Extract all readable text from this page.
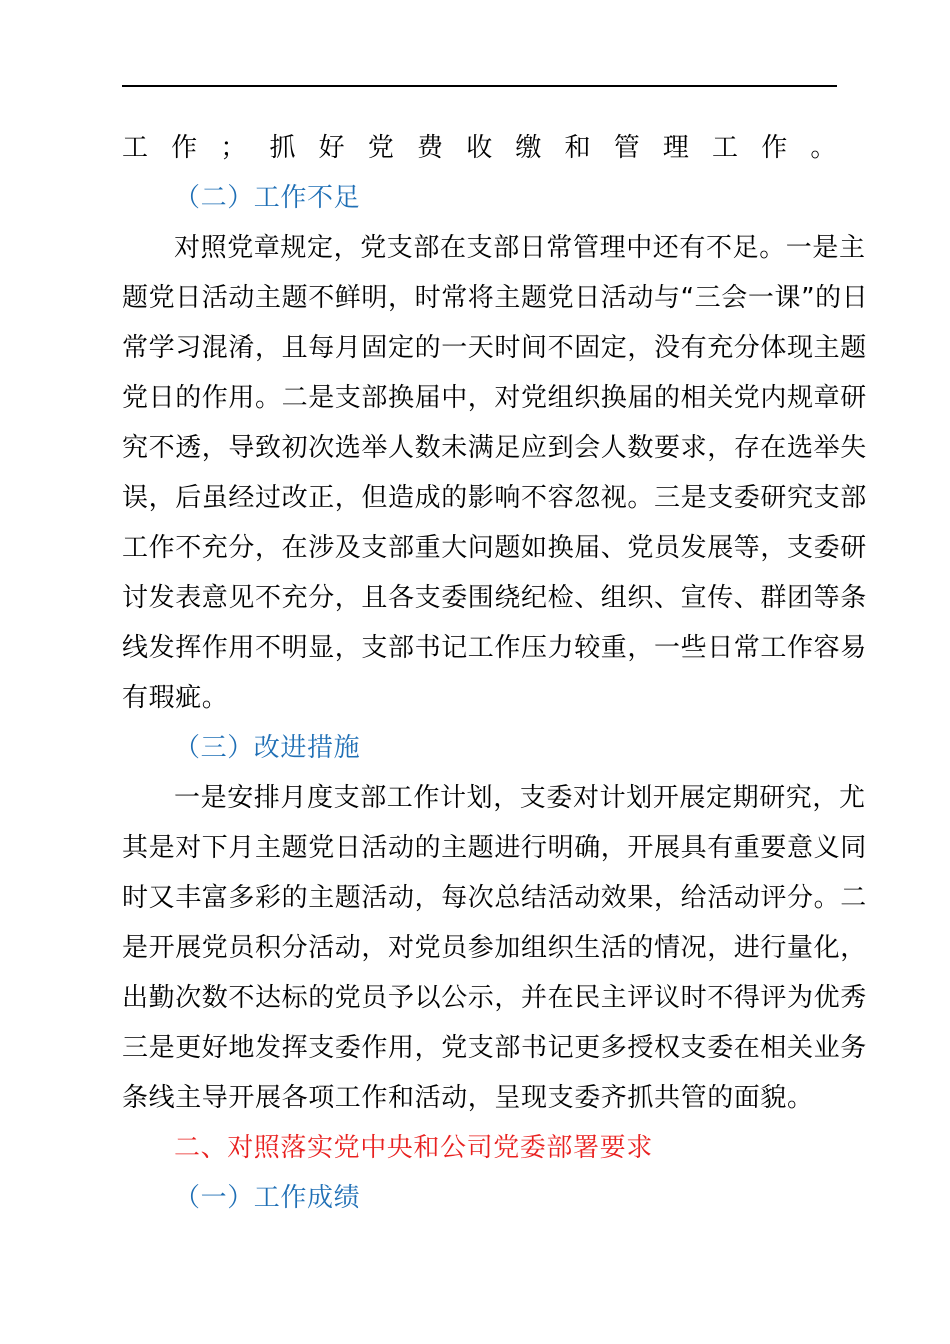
工作；抓好党费收缴和管理工作。
（二）工作不足
对照党章规定，党支部在支部日常管理中还有不足。一是主
题党日活动主题不鲜明，时常将主题党日活动与“三会一课”的日
常学习混淆，且每月固定的一天时间不固定，没有充分体现主题
党日的作用。二是支部换届中，对党组织换届的相关党内规章研
究不透，导致初次选举人数未满足应到会人数要求，存在选举失
误，后虽经过改正，但造成的影响不容忽视。三是支委研究支部
工作不充分，在涉及支部重大问题如换届、党员发展等，支委研
讨发表意见不充分，且各支委围绕纪检、组织、宣传、群团等条
线发挥作用不明显，支部书记工作压力较重，一些日常工作容易
有瑕疵。
（三）改进措施
一是安排月度支部工作计划，支委对计划开展定期研究，尤
其是对下月主题党日活动的主题进行明确，开展具有重要意义同
时又丰富多彩的主题活动，每次总结活动效果，给活动评分。二
是开展党员积分活动，对党员参加组织生活的情况，进行量化，
出勤次数不达标的党员予以公示，并在民主评议时不得评为优秀
三是更好地发挥支委作用，党支部书记更多授权支委在相关业务
条线主导开展各项工作和活动，呈现支委齐抓共管的面貌。
二、对照落实党中央和公司党委部署要求
（一）工作成绩
